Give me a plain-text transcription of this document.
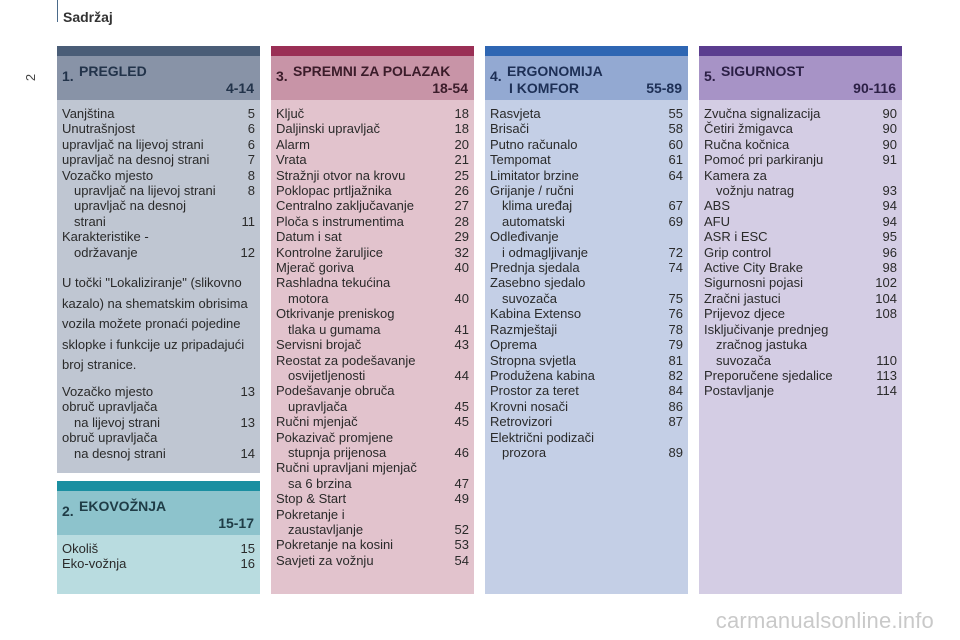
Sadržaj
2 1. PREGLED
4-14
Vanjština	5
Unutrašnjost	6
upravljač na lijevoj strani	6
upravljač na desnoj strani	7
Vozačko mjesto	8
upravljač na lijevoj strani 8
upravljač na desnoj
strani	11
Karakteristike -
održavanje	12
U točki "Lokaliziranje" (slikovno kazalo) na shematskim obrisima vozila možete pronaći pojedine sklopke i funkcije uz pripadajući broj stranice.
Vozačko mjesto	13
obruč upravljača
na lijevoj strani	13
obruč upravljača
na desnoj strani	14
2. EKOVOŽNJA
15-17
Okoliš	15
Eko-vožnja	16
3. SPREMNI ZA POLAZAK
18-54
Ključ	18
Daljinski upravljač	18
Alarm	20
Vrata	21
Stražnji otvor na krovu	25
Poklopac prtljažnika	26
Centralno zaključavanje	27
Ploča s instrumentima	28
Datum i sat	29
Kontrolne žaruljice	32
Mjerač goriva	40
Rashladna tekućina
motora	40
Otkrivanje preniskog
tlaka u gumama	41
Servisni brojač	43
Reostat za podešavanje
osvijetljenosti	44
Podešavanje obruča
upravljača	45
Ručni mjenjač	45
Pokazivač promjene
stupnja prijenosa	46
Ručni upravljani mjenjač
sa 6 brzina	47
Stop & Start	49
Pokretanje i
zaustavljanje	52
Pokretanje na kosini	53
Savjeti za vožnju	54
4. ERGONOMIJA
I KOMFOR	55-89
Rasvjeta	55
Brisači	58
Putno računalo	60
Tempomat	61
Limitator brzine	64
Grijanje / ručni
klima uređaj	67
automatski	69
Odleđivanje
i odmagljivanje	72
Prednja sjedala	74
Zasebno sjedalo
suvozača	75
Kabina Extenso	76
Razmještaji	78
Oprema	79
Stropna svjetla	81
Produžena kabina	82
Prostor za teret	84
Krovni nosači	86
Retrovizori	87
Električni podizači
prozora	89
5. SIGURNOST
90-116
Zvučna signalizacija	90
Četiri žmigavca	90
Ručna kočnica	90
Pomoć pri parkiranju	91
Kamera za
vožnju natrag	93
ABS	94
AFU	94
ASR i ESC	95
Grip control	96
Active City Brake	98
Sigurnosni pojasi	102
Zračni jastuci	104
Prijevoz djece	108
Isključivanje prednjeg
zračnog jastuka
suvozača	110
Preporučene sjedalice	113
Postavljanje	114
carmanualsonline.info
